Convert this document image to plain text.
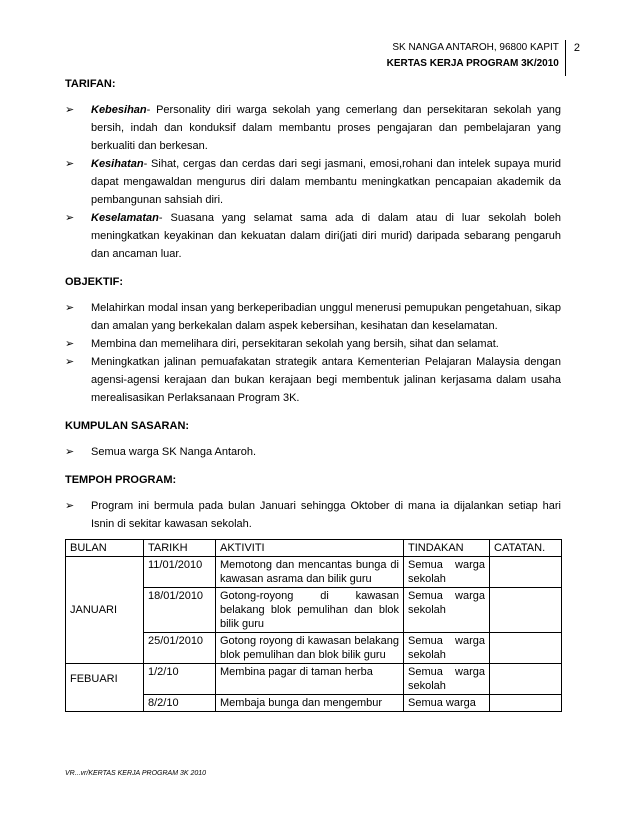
SK NANGA ANTAROH, 96800 KAPIT
KERTAS KERJA PROGRAM 3K/2010
2
TARIFAN:
➢ Kebesihan- Personality diri warga sekolah yang cemerlang dan persekitaran sekolah yang bersih, indah dan konduksif dalam membantu proses pengajaran dan pembelajaran yang berkualiti dan berkesan.
➢ Kesihatan- Sihat, cergas dan cerdas dari segi jasmani, emosi,rohani dan intelek supaya murid dapat mengawaldan mengurus diri dalam membantu meningkatkan pencapaian akademik da pembangunan sahsiah diri.
➢ Keselamatan- Suasana yang selamat sama ada di dalam atau di luar sekolah boleh meningkatkan keyakinan dan kekuatan dalam diri(jati diri murid) daripada sebarang pengaruh dan ancaman luar.
OBJEKTIF:
➢ Melahirkan modal insan yang berkeperibadian unggul menerusi pemupukan pengetahuan, sikap dan amalan yang berkekalan dalam aspek kebersihan, kesihatan dan keselamatan.
➢ Membina dan memelihara diri, persekitaran sekolah yang bersih, sihat dan selamat.
➢ Meningkatkan jalinan pemuafakatan strategik antara Kementerian Pelajaran Malaysia dengan agensi-agensi kerajaan dan bukan kerajaan begi membentuk jalinan kerjasama dalam usaha merealisasikan Perlaksanaan Program 3K.
KUMPULAN SASARAN:
➢ Semua warga SK Nanga Antaroh.
TEMPOH PROGRAM:
➢ Program ini bermula pada bulan Januari sehingga Oktober di mana ia dijalankan setiap hari Isnin di sekitar kawasan sekolah.
BULAN	TARIKH	AKTIVITI	TINDAKAN	CATATAN.
JANUARI	11/01/2010	Memotong dan mencantas bunga di kawasan asrama dan bilik guru	Semua warga sekolah	
	18/01/2010	Gotong-royong di kawasan belakang blok pemulihan dan blok bilik guru	Semua warga sekolah	
	25/01/2010	Gotong royong di kawasan belakang blok pemulihan dan blok bilik guru	Semua warga sekolah	
FEBUARI	1/2/10	Membina pagar di taman herba	Semua warga sekolah	
	8/2/10	Membaja bunga dan mengembur	Semua warga	
VR...vr/KERTAS KERJA PROGRAM 3K 2010
